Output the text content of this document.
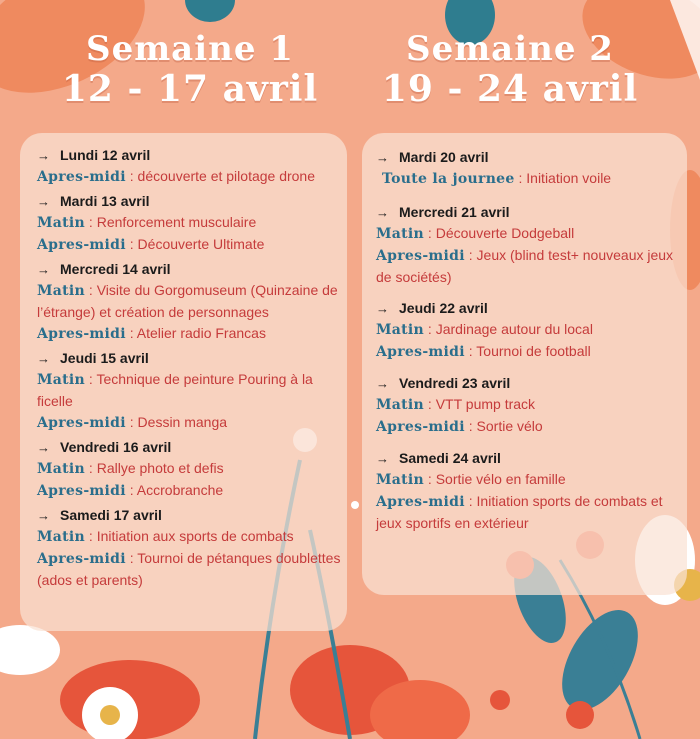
Semaine 1
12 - 17 avril
Semaine 2
19 - 24 avril
→ Lundi 12 avril

Apres-midi : découverte et pilotage drone

→ Mardi 13 avril

Matin : Renforcement musculaire

Apres-midi : Découverte Ultimate

→ Mercredi 14 avril

Matin : Visite du Gorgomuseum (Quinzaine de l’étrange) et création de personnages

Apres-midi : Atelier radio Francas

→ Jeudi 15 avril

Matin : Technique de peinture Pouring à la ficelle

Apres-midi : Dessin manga

→ Vendredi 16 avril

Matin : Rallye photo et defis

Apres-midi : Accrobranche

→ Samedi 17 avril

Matin : Initiation aux sports de combats

Apres-midi : Tournoi de pétanques doublettes (ados et parents)

→ Mardi 20 avril

Toute la journee : Initiation voile

→ Mercredi 21 avril

Matin : Découverte Dodgeball

Apres-midi : Jeux (blind test+ nouveaux jeux de sociétés)

→ Jeudi 22 avril

Matin : Jardinage autour du local

Apres-midi : Tournoi de football

→ Vendredi 23 avril

Matin : VTT pump track

Apres-midi : Sortie vélo

→ Samedi 24 avril

Matin : Sortie vélo en famille

Apres-midi : Initiation sports de combats et jeux sportifs en extérieur
